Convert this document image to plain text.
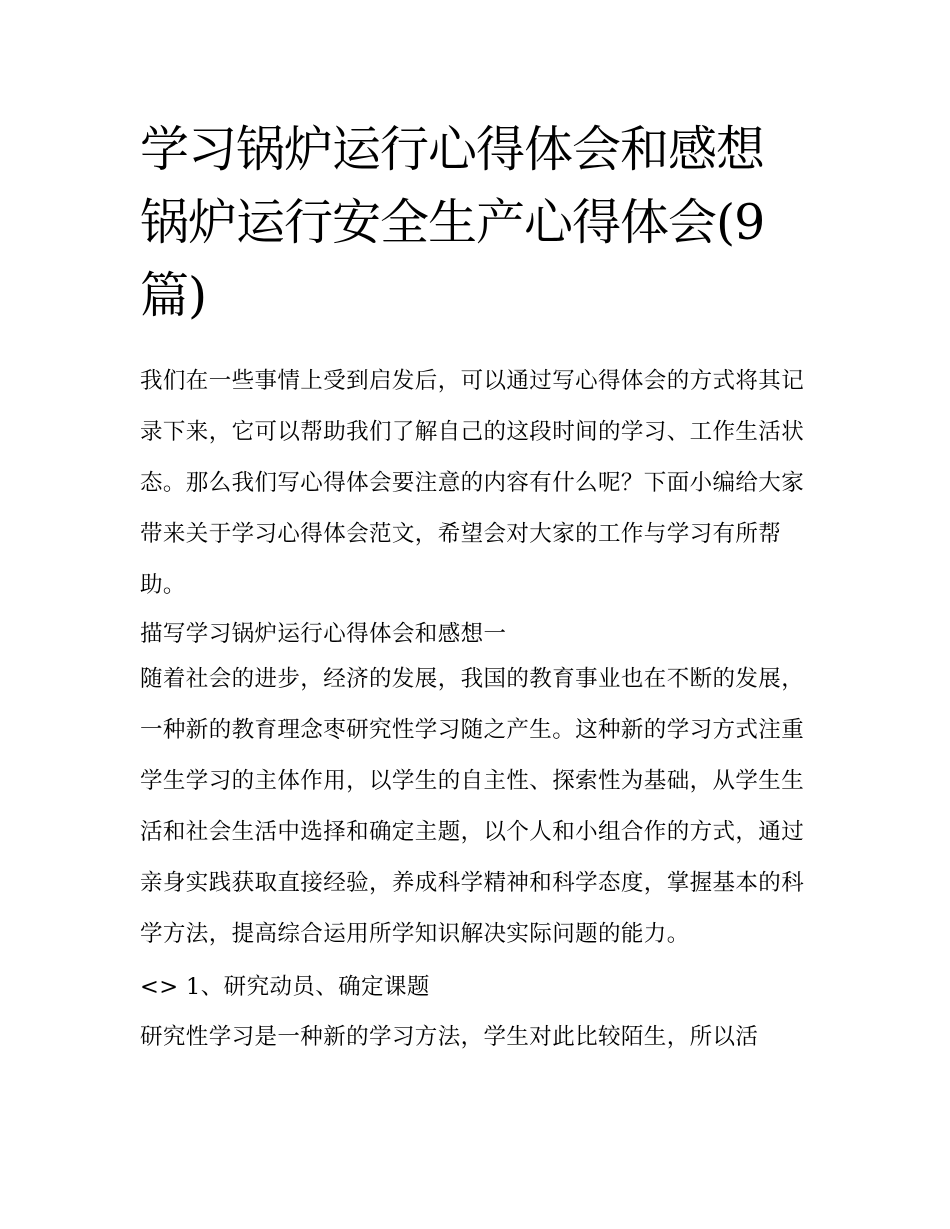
学习锅炉运行心得体会和感想锅炉运行安全生产心得体会(9篇)

我们在一些事情上受到启发后，可以通过写心得体会的方式将其记录下来，它可以帮助我们了解自己的这段时间的学习、工作生活状态。那么我们写心得体会要注意的内容有什么呢？下面小编给大家带来关于学习心得体会范文，希望会对大家的工作与学习有所帮助。

描写学习锅炉运行心得体会和感想一

随着社会的进步，经济的发展，我国的教育事业也在不断的发展，一种新的教育理念枣研究性学习随之产生。这种新的学习方式注重学生学习的主体作用，以学生的自主性、探索性为基础，从学生生活和社会生活中选择和确定主题，以个人和小组合作的方式，通过亲身实践获取直接经验，养成科学精神和科学态度，掌握基本的科学方法，提高综合运用所学知识解决实际问题的能力。

<> 1、研究动员、确定课题

研究性学习是一种新的学习方法，学生对此比较陌生，所以活
